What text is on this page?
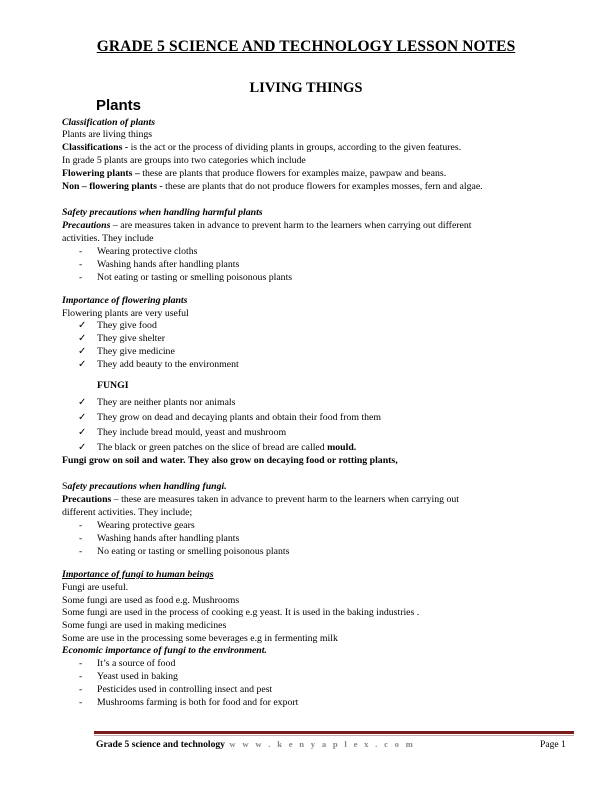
GRADE 5 SCIENCE AND TECHNOLOGY LESSON NOTES
LIVING THINGS
Plants
Classification of plants
Plants are living things
Classifications - is the act or the process of dividing plants in groups, according to the given features.
In grade 5 plants are groups into two categories which include
Flowering plants – these are plants that produce flowers for examples maize, pawpaw and beans.
Non – flowering plants - these are plants that do not produce flowers for examples mosses, fern and algae.
Safety precautions when handling harmful plants
Precautions – are measures taken in advance to prevent harm to the learners when carrying out different
activities. They include
- Wearing protective cloths
- Washing hands after handling plants
- Not eating or tasting or smelling poisonous plants
Importance of flowering plants
Flowering plants are very useful
✓ They give food
✓ They give shelter
✓ They give medicine
✓ They add beauty to the environment
FUNGI
✓ They are neither plants nor animals
✓ They grow on dead and decaying plants and obtain their food from them
✓ They include bread mould, yeast and mushroom
✓ The black or green patches on the slice of bread are called mould.
Fungi grow on soil and water. They also grow on decaying food or rotting plants,
Safety precautions when handling fungi.
Precautions – these are measures taken in advance to prevent harm to the learners when carrying out
different activities. They include;
- Wearing protective gears
- Washing hands after handling plants
- No eating or tasting or smelling poisonous plants
Importance of fungi to human beings
Fungi are useful.
Some fungi are used as food e.g. Mushrooms
Some fungi are used in the process of cooking e.g yeast. It is used in the baking industries .
Some fungi are used in making medicines
Some are use in the processing some beverages e.g in fermenting milk
Economic importance of fungi to the environment.
- It’s a source of food
- Yeast used in baking
- Pesticides used in controlling insect and pest
- Mushrooms farming is both for food and for export
Grade 5 science and technology w w w . k e n y a p l e x . c o m	Page 1
